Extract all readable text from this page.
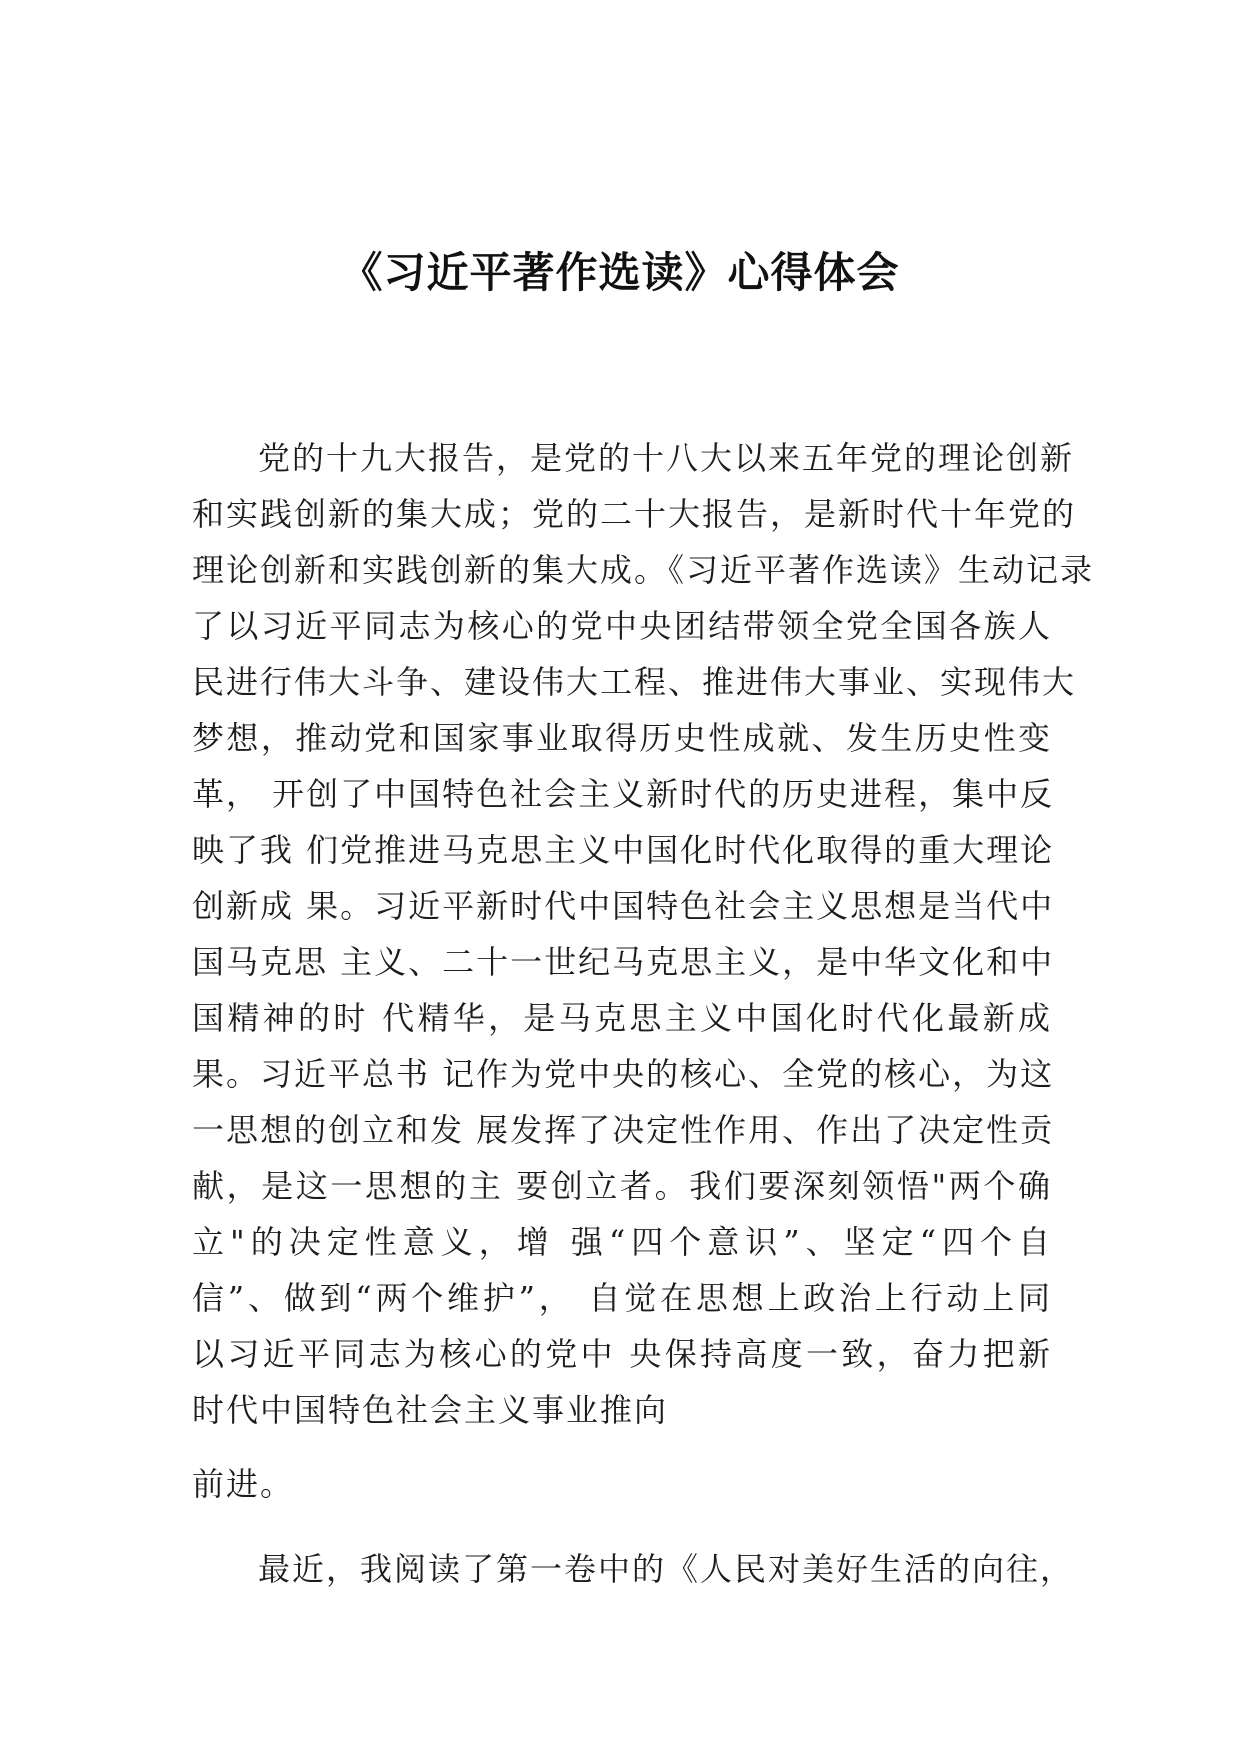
《习近平著作选读》心得体会
党的十九大报告，是党的十八大以来五年党的理论创新
和实践创新的集大成；党的二十大报告，是新时代十年党的
理论创新和实践创新的集大成。《习近平著作选读》生动记录
了以习近平同志为核心的党中央团结带领全党全国各族人
民进行伟大斗争、建设伟大工程、推进伟大事业、实现伟大
梦想，推动党和国家事业取得历史性成就、发生历史性变
革， 开创了中国特色社会主义新时代的历史进程，集中反
映了我 们党推进马克思主义中国化时代化取得的重大理论
创新成 果。习近平新时代中国特色社会主义思想是当代中
国马克思 主义、二十一世纪马克思主义，是中华文化和中
国精神的时 代精华，是马克思主义中国化时代化最新成
果。习近平总书 记作为党中央的核心、全党的核心，为这
一思想的创立和发 展发挥了决定性作用、作出了决定性贡
献，是这一思想的主 要创立者。我们要深刻领悟"两个确
立"的决定性意义，增 强“四个意识”、坚定“四个自
信”、做到“两个维护”， 自觉在思想上政治上行动上同
以习近平同志为核心的党中 央保持高度一致，奋力把新
时代中国特色社会主义事业推向
前进。
最近，我阅读了第一卷中的《人民对美好生活的向往，
